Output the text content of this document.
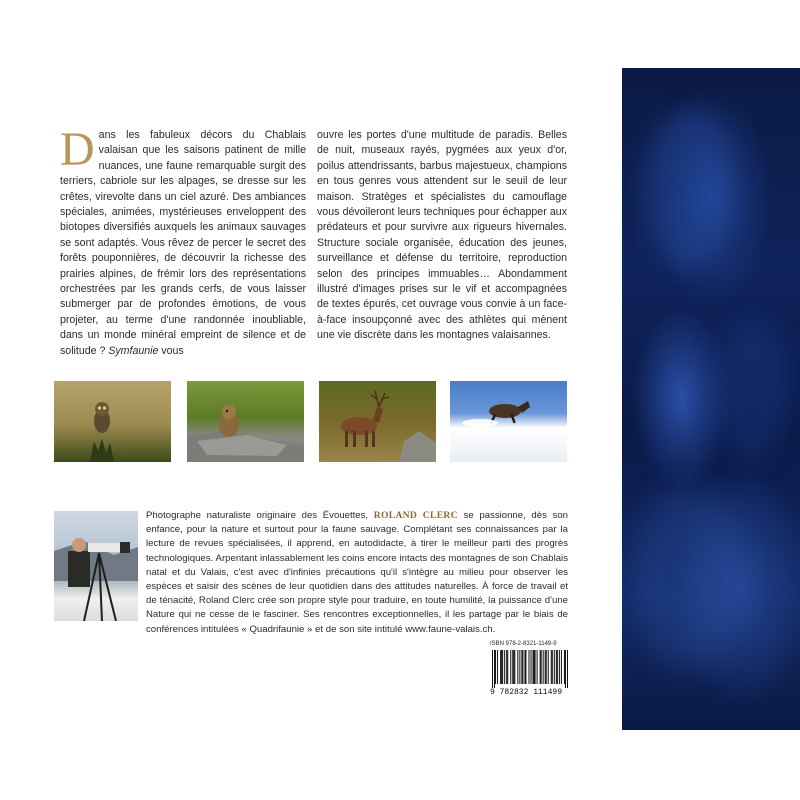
Dans les fabuleux décors du Chablais valaisan que les saisons patinent de mille nuances, une faune remarquable surgit des terriers, cabriole sur les alpages, se dresse sur les crêtes, virevolte dans un ciel azuré. Des ambiances spéciales, animées, mystérieuses enveloppent des biotopes diversifiés auxquels les animaux sauvages se sont adaptés. Vous rêvez de percer le secret des forêts pouponnières, de découvrir la richesse des prairies alpines, de frémir lors des représentations orchestrées par les grands cerfs, de vous laisser submerger par de profondes émotions, de vous projeter, au terme d'une randonnée inoubliable, dans un monde minéral empreint de silence et de solitude ? Symfaunie vous
ouvre les portes d'une multitude de paradis. Belles de nuit, museaux rayés, pygmées aux yeux d'or, poilus attendrissants, barbus majestueux, champions en tous genres vous attendent sur le seuil de leur maison. Stratèges et spécialistes du camouflage vous dévoileront leurs techniques pour échapper aux prédateurs et pour survivre aux rigueurs hivernales. Structure sociale organisée, éducation des jeunes, surveillance et défense du territoire, reproduction selon des principes immuables… Abondamment illustré d'images prises sur le vif et accompagnées de textes épurés, cet ouvrage vous convie à un face-à-face insoupçonné avec des athlètes qui mènent une vie discrète dans les montagnes valaisannes.
Photographe naturaliste originaire des Évouettes, ROLAND CLERC se passionne, dès son enfance, pour la nature et surtout pour la faune sauvage. Complétant ses connaissances par la lecture de revues spécialisées, il apprend, en autodidacte, à tirer le meilleur parti des progrès technologiques. Arpentant inlassablement les coins encore intacts des montagnes de son Chablais natal et du Valais, c'est avec d'infinies précautions qu'il s'intègre au milieu pour observer les espèces et saisir des scènes de leur quotidien dans des attitudes naturelles. À force de travail et de ténacité, Roland Clerc crée son propre style pour traduire, en toute humilité, la puissance d'une Nature qui ne cesse de le fasciner. Ses rencontres exceptionnelles, il les partage par le biais de conférences intitulées « Quadrifaunie » et de son site intitulé www.faune-valais.ch.
ISBN 978-2-8321-1149-9
9 782832 111499
